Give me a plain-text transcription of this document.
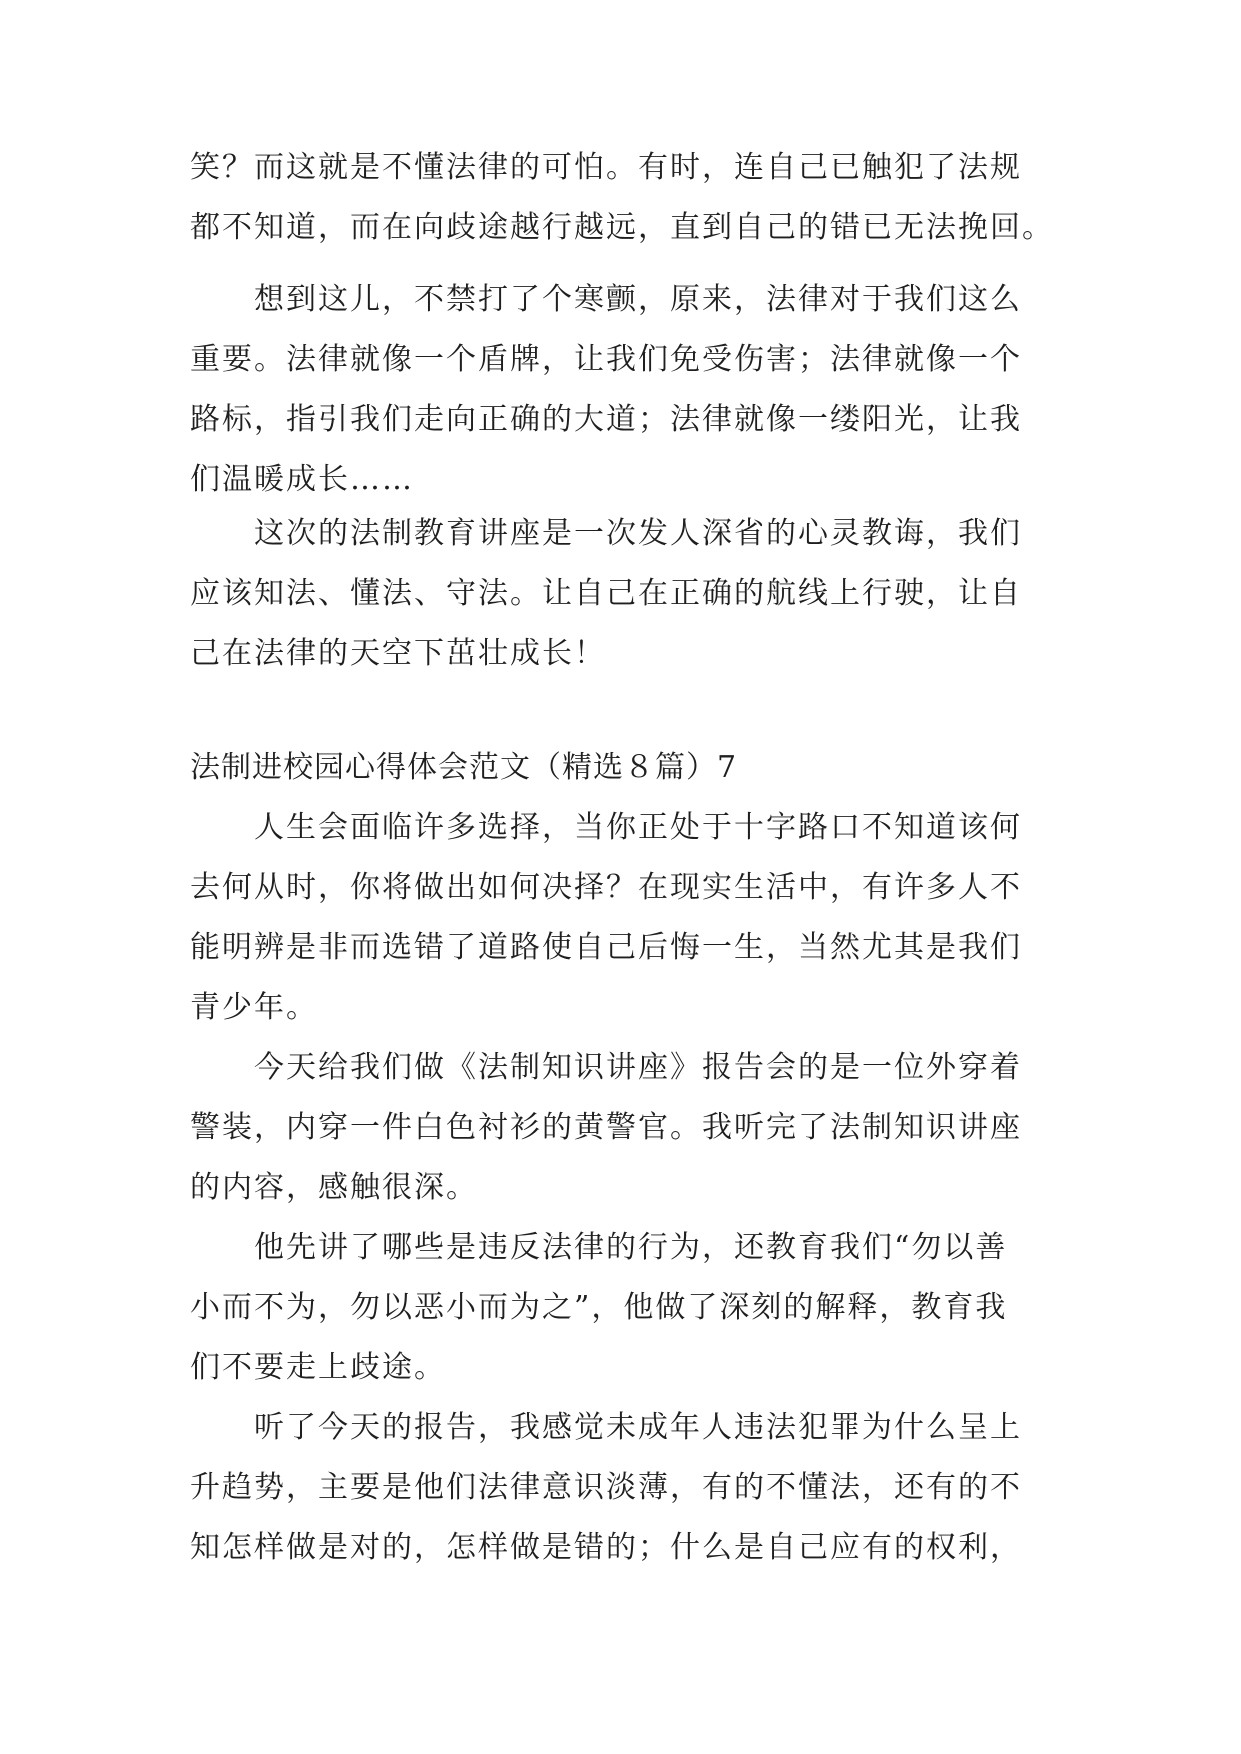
笑？而这就是不懂法律的可怕。有时，连自己已触犯了法规
都不知道，而在向歧途越行越远，直到自己的错已无法挽回。
　　想到这儿，不禁打了个寒颤，原来，法律对于我们这么
重要。法律就像一个盾牌，让我们免受伤害；法律就像一个
路标，指引我们走向正确的大道；法律就像一缕阳光，让我
们温暖成长……
　　这次的法制教育讲座是一次发人深省的心灵教诲，我们
应该知法、懂法、守法。让自己在正确的航线上行驶，让自
己在法律的天空下茁壮成长！
法制进校园心得体会范文（精选８篇）7
　　人生会面临许多选择，当你正处于十字路口不知道该何
去何从时，你将做出如何决择？在现实生活中，有许多人不
能明辨是非而选错了道路使自己后悔一生，当然尤其是我们
青少年。
　　今天给我们做《法制知识讲座》报告会的是一位外穿着
警装，内穿一件白色衬衫的黄警官。我听完了法制知识讲座
的内容，感触很深。
　　他先讲了哪些是违反法律的行为，还教育我们“勿以善
小而不为，勿以恶小而为之”，他做了深刻的解释，教育我
们不要走上歧途。
　　听了今天的报告，我感觉未成年人违法犯罪为什么呈上
升趋势，主要是他们法律意识淡薄，有的不懂法，还有的不
知怎样做是对的，怎样做是错的；什么是自己应有的权利，
